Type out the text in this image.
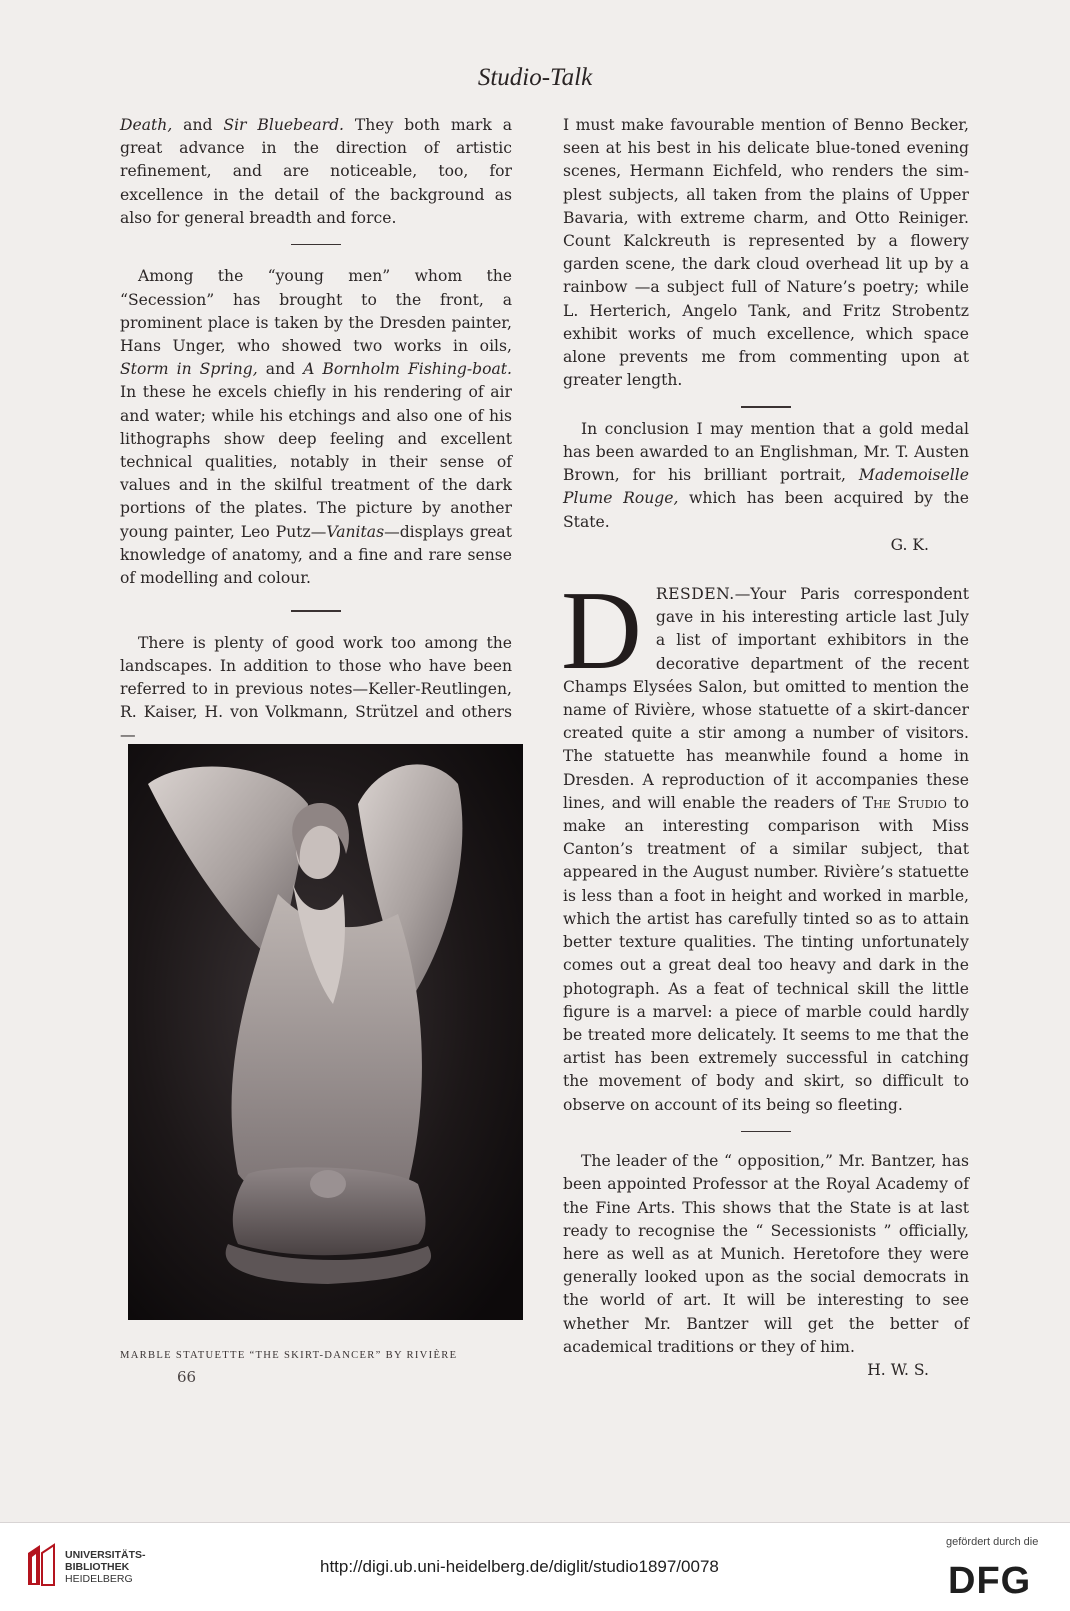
Studio-Talk

Death, and Sir Bluebeard. They both mark a great advance in the direction of artistic refinement, and are noticeable, too, for excellence in the detail of the background as also for general breadth and force.

Among the “young men” whom the “Secession” has brought to the front, a prominent place is taken by the Dresden painter, Hans Unger, who showed two works in oils, Storm in Spring, and A Bornholm Fishing-boat. In these he excels chiefly in his rendering of air and water; while his etchings and also one of his lithographs show deep feeling and excellent technical qualities, notably in their sense of values and in the skilful treatment of the dark portions of the plates. The picture by another young painter, Leo Putz—Vanitas—displays great knowledge of anatomy, and a fine and rare sense of modelling and colour.

There is plenty of good work too among the landscapes. In addition to those who have been referred to in previous notes—Keller-Reutlingen, R. Kaiser, H. von Volkmann, Strützel and others—

MARBLE STATUETTE “THE SKIRT-DANCER” BY RIVIÈRE
66

I must make favourable mention of Benno Becker, seen at his best in his delicate blue-toned evening scenes, Hermann Eichfeld, who renders the simplest subjects, all taken from the plains of Upper Bavaria, with extreme charm, and Otto Reiniger. Count Kalckreuth is represented by a flowery garden scene, the dark cloud overhead lit up by a rainbow —a subject full of Nature’s poetry; while L. Herterich, Angelo Tank, and Fritz Strobentz exhibit works of much excellence, which space alone prevents me from commenting upon at greater length.

In conclusion I may mention that a gold medal has been awarded to an Englishman, Mr. T. Austen Brown, for his brilliant portrait, Mademoiselle Plume Rouge, which has been acquired by the State.

G. K.

DRESDEN.—Your Paris correspondent gave in his interesting article last July a list of important exhibitors in the decorative department of the recent Champs Elysées Salon, but omitted to mention the name of Rivière, whose statuette of a skirt-dancer created quite a stir among a number of visitors. The statuette has meanwhile found a home in Dresden. A reproduction of it accompanies these lines, and will enable the readers of The Studio to make an interesting comparison with Miss Canton’s treatment of a similar subject, that appeared in the August number. Rivière’s statuette is less than a foot in height and worked in marble, which the artist has carefully tinted so as to attain better texture qualities. The tinting unfortunately comes out a great deal too heavy and dark in the photograph. As a feat of technical skill the little figure is a marvel: a piece of marble could hardly be treated more delicately. It seems to me that the artist has been extremely successful in catching the movement of body and skirt, so difficult to observe on account of its being so fleeting.

The leader of the “ opposition,” Mr. Bantzer, has been appointed Professor at the Royal Academy of the Fine Arts. This shows that the State is at last ready to recognise the “ Secessionists ” officially, here as well as at Munich. Heretofore they were generally looked upon as the social democrats in the world of art. It will be interesting to see whether Mr. Bantzer will get the better of academical traditions or they of him.

H. W. S.

UNIVERSITÄTS-
BIBLIOTHEK
HEIDELBERG
http://digi.ub.uni-heidelberg.de/diglit/studio1897/0078
gefördert durch die
DFG
